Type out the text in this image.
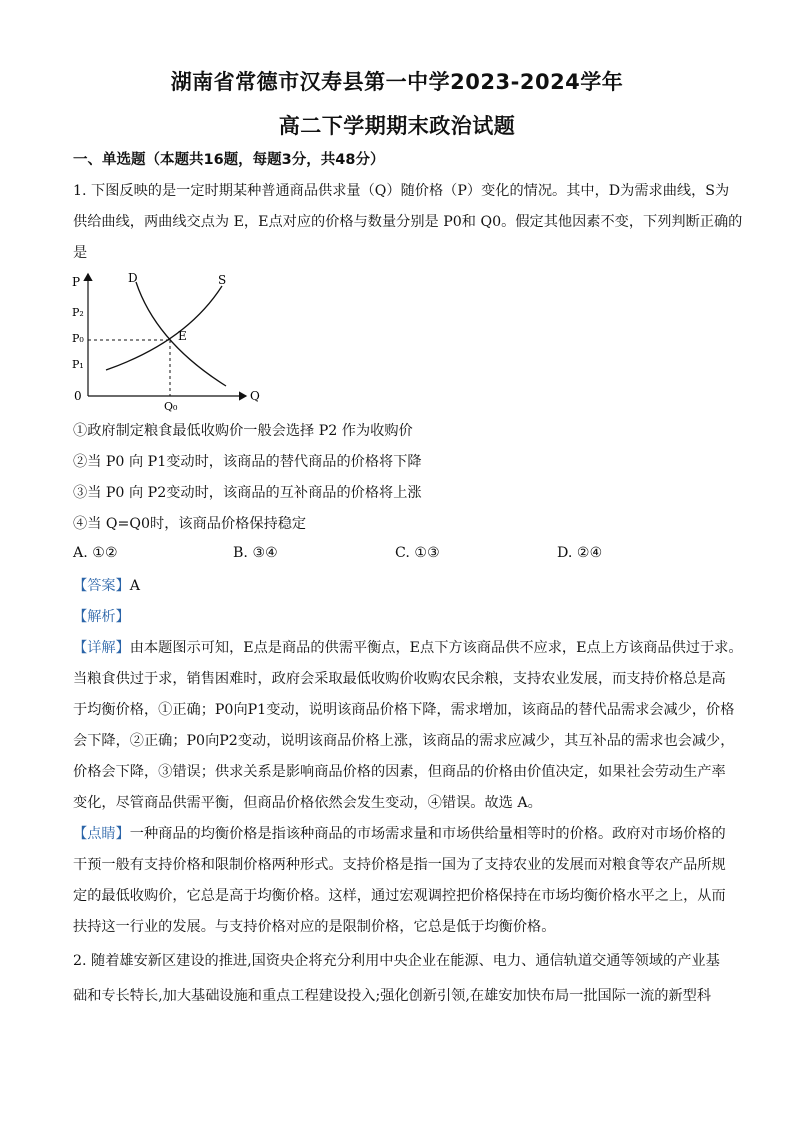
湖南省常德市汉寿县第一中学2023-2024学年
高二下学期期末政治试题
一、单选题（本题共16题，每题3分，共48分）
1. 下图反映的是一定时期某种普通商品供求量（Q）随价格（P）变化的情况。其中，D为需求曲线，S为
供给曲线，两曲线交点为 E，E点对应的价格与数量分别是 P0和 Q0。假定其他因素不变，下列判断正确的
是
P
Q
0
D	S
E
P₂
P₀
P₁
Q₀
①政府制定粮食最低收购价一般会选择 P2 作为收购价
②当 P0 向 P1变动时，该商品的替代商品的价格将下降
③当 P0 向 P2变动时，该商品的互补商品的价格将上涨
④当 Q=Q0时，该商品价格保持稳定
A. ①②	B. ③④	C. ①③	D. ②④
【答案】A
【解析】
【详解】由本题图示可知，E点是商品的供需平衡点，E点下方该商品供不应求，E点上方该商品供过于求。
当粮食供过于求，销售困难时，政府会采取最低收购价收购农民余粮，支持农业发展，而支持价格总是高
于均衡价格，①正确；P0向P1变动，说明该商品价格下降，需求增加，该商品的替代品需求会减少，价格
会下降，②正确；P0向P2变动，说明该商品价格上涨，该商品的需求应减少，其互补品的需求也会减少，
价格会下降，③错误；供求关系是影响商品价格的因素，但商品的价格由价值决定，如果社会劳动生产率
变化，尽管商品供需平衡，但商品价格依然会发生变动，④错误。故选 A。
【点睛】一种商品的均衡价格是指该种商品的市场需求量和市场供给量相等时的价格。政府对市场价格的
干预一般有支持价格和限制价格两种形式。支持价格是指一国为了支持农业的发展而对粮食等农产品所规
定的最低收购价，它总是高于均衡价格。这样，通过宏观调控把价格保持在市场均衡价格水平之上，从而
扶持这一行业的发展。与支持价格对应的是限制价格，它总是低于均衡价格。
2. 随着雄安新区建设的推进,国资央企将充分利用中央企业在能源、电力、通信轨道交通等领域的产业基
础和专长特长,加大基础设施和重点工程建设投入;强化创新引领,在雄安加快布局一批国际一流的新型科
